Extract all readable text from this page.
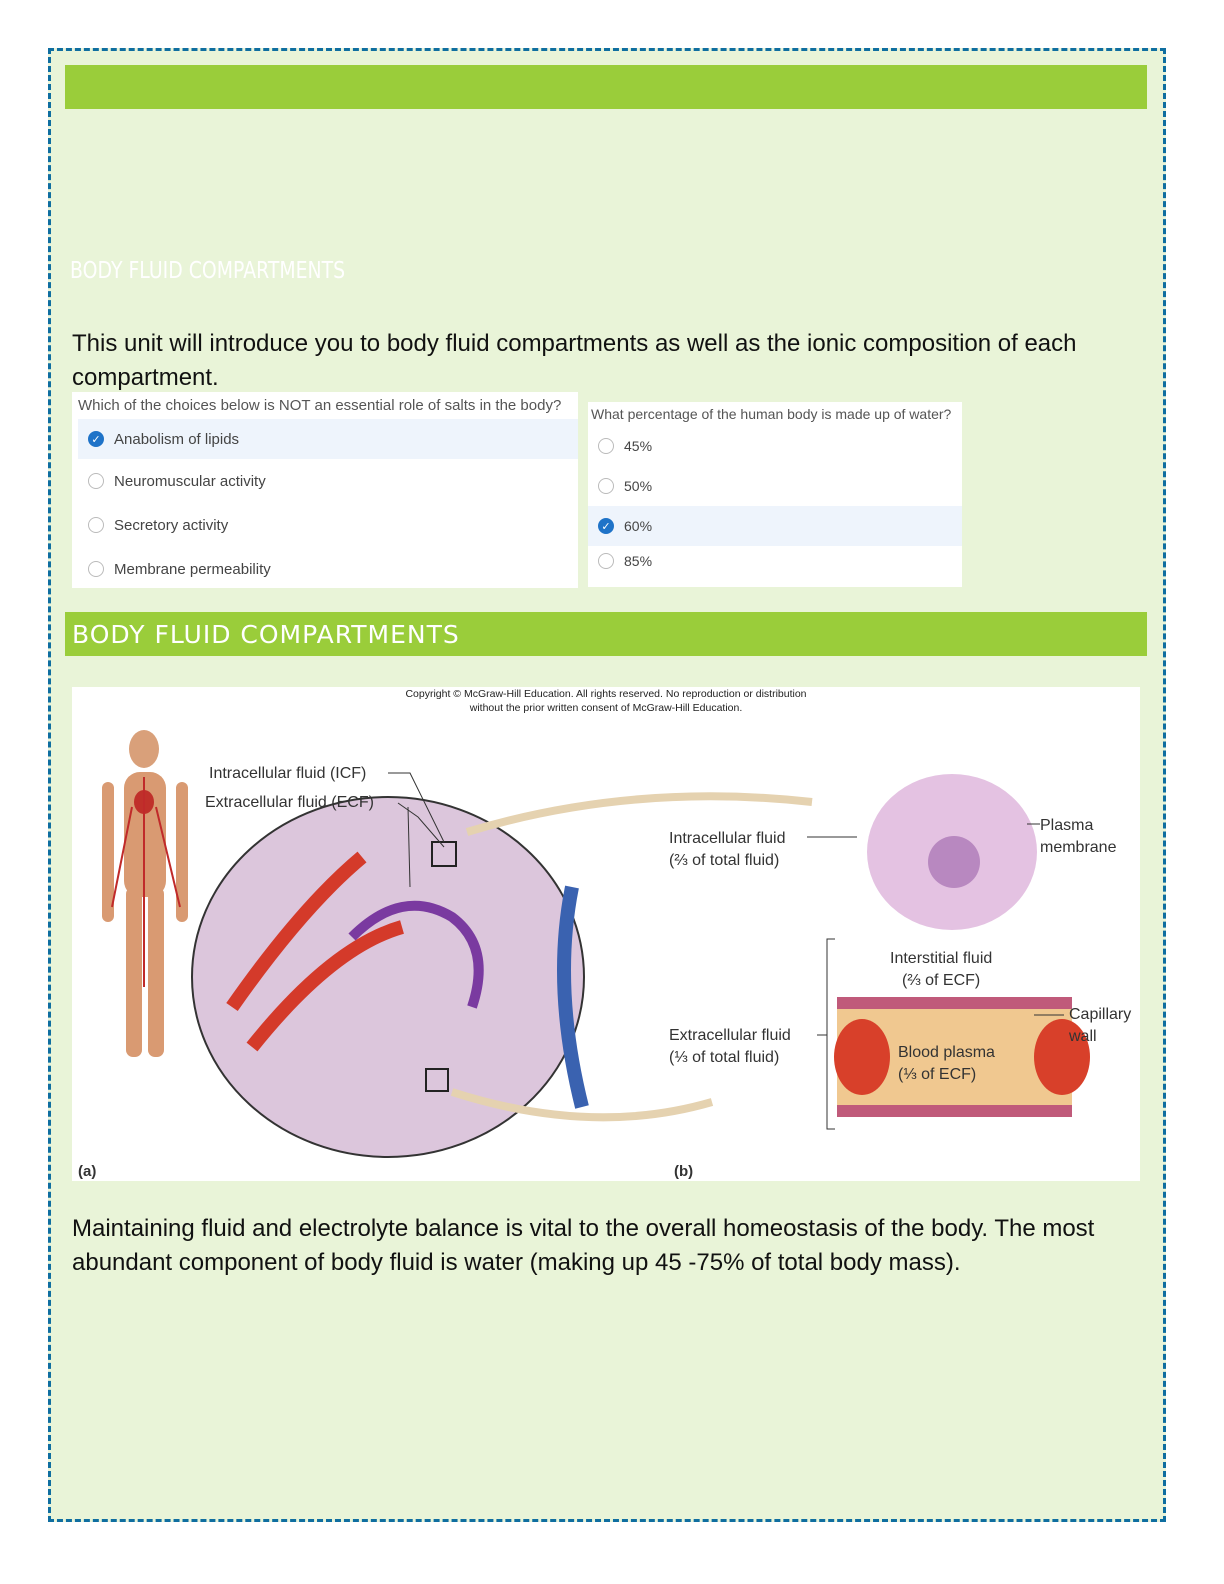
BODY FLUID COMPARTMENTS
This unit will introduce you to body fluid compartments as well as the ionic composition of each compartment.
Which of the choices below is NOT an essential role of salts in the body?
✓ Anabolism of lipids
Neuromuscular activity
Secretory activity
Membrane permeability
What percentage of the human body is made up of water?
45%
50%
✓ 60%
85%
BODY FLUID COMPARTMENTS
Copyright © McGraw-Hill Education. All rights reserved. No reproduction or distribution without the prior written consent of McGraw-Hill Education.
Intracellular fluid (ICF)
Extracellular fluid (ECF)
Intracellular fluid
(⅔ of total fluid)
Plasma membrane
Interstitial fluid
(⅔ of ECF)
Capillary wall
Extracellular fluid
(⅓ of total fluid)	Blood plasma
(⅓ of ECF)
(a)	(b)
Maintaining fluid and electrolyte balance is vital to the overall homeostasis of the body. The most abundant component of body fluid is water (making up 45 -75% of total body mass).
